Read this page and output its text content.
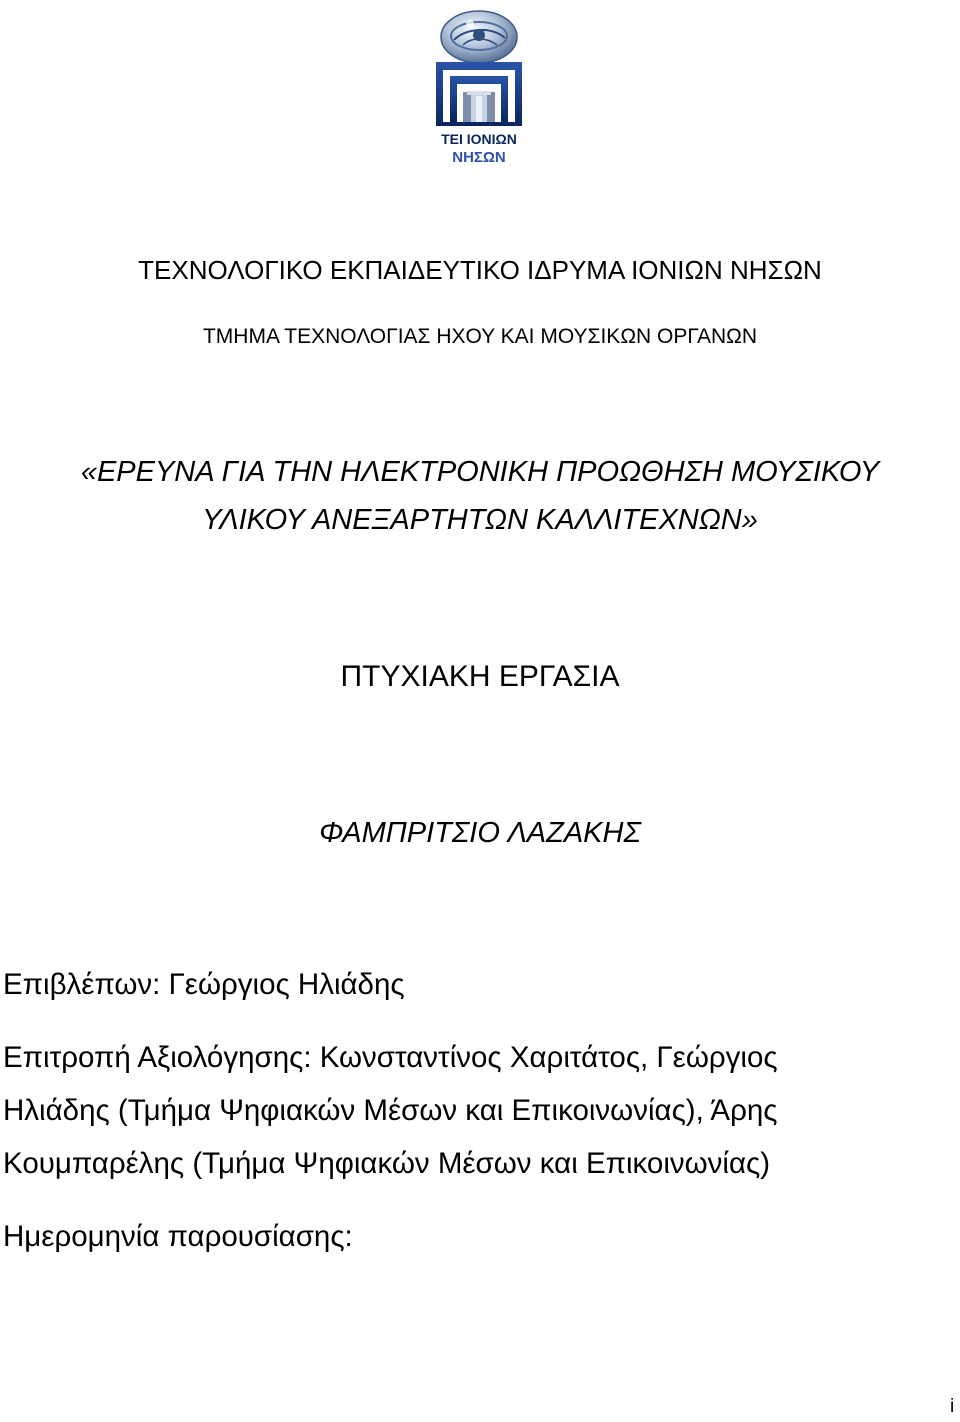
ΤΕΙ ΙΟΝΙΩΝ
ΝΗΣΩΝ
ΤΕΧΝΟΛΟΓΙΚΟ ΕΚΠΑΙΔΕΥΤΙΚΟ ΙΔΡΥΜΑ ΙΟΝΙΩΝ ΝΗΣΩΝ
ΤΜΗΜΑ ΤΕΧΝΟΛΟΓΙΑΣ ΗΧΟΥ ΚΑΙ ΜΟΥΣΙΚΩΝ ΟΡΓΑΝΩΝ
«ΕΡΕΥΝΑ ΓΙΑ ΤΗΝ ΗΛΕΚΤΡΟΝΙΚΗ ΠΡΟΩΘΗΣΗ ΜΟΥΣΙΚΟΥ
ΥΛΙΚΟΥ ΑΝΕΞΑΡΤΗΤΩΝ ΚΑΛΛΙΤΕΧΝΩΝ»
ΠΤΥΧΙΑΚΗ ΕΡΓΑΣΙΑ
ΦΑΜΠΡΙΤΣΙΟ ΛΑΖΑΚΗΣ
Επιβλέπων: Γεώργιος Ηλιάδης
Επιτροπή Αξιολόγησης: Κωνσταντίνος Χαριτάτος, Γεώργιος
Ηλιάδης (Τμήμα Ψηφιακών Μέσων και Επικοινωνίας), Άρης
Κουμπαρέλης (Τμήμα Ψηφιακών Μέσων και Επικοινωνίας)
Ημερομηνία παρουσίασης:
i
